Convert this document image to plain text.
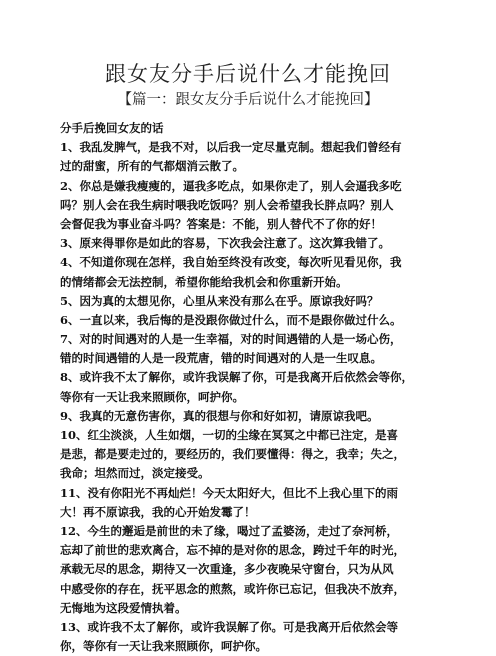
跟女友分手后说什么才能挽回
【篇一：跟女友分手后说什么才能挽回】
分手后挽回女友的话
1、我乱发脾气，是我不对，以后我一定尽量克制。想起我们曾经有
过的甜蜜，所有的气都烟消云散了。
2、你总是嫌我瘦瘦的，逼我多吃点，如果你走了，别人会逼我多吃
吗？别人会在我生病时喂我吃饭吗？别人会希望我长胖点吗？别人
会督促我为事业奋斗吗？答案是：不能，别人替代不了你的好！
3、原来得罪你是如此的容易，下次我会注意了。这次算我错了。
4、不知道你现在怎样，我自始至终没有改变，每次听见看见你，我
的情绪都会无法控制，希望你能给我机会和你重新开始。
5、因为真的太想见你，心里从来没有那么在乎。原谅我好吗？
6、一直以来，我后悔的是没跟你做过什么，而不是跟你做过什么。
7、对的时间遇对的人是一生幸福，对的时间遇错的人是一场心伤，
错的时间遇错的人是一段荒唐，错的时间遇对的人是一生叹息。
8、或许我不太了解你，或许我误解了你，可是我离开后依然会等你，
等你有一天让我来照顾你，呵护你。
9、我真的无意伤害你，真的很想与你和好如初，请原谅我吧。
10、红尘淡淡，人生如烟，一切的尘缘在冥冥之中都已注定，是喜
是悲，都是要走过的，要经历的，我们要懂得：得之，我幸；失之，
我命；坦然而过，淡定接受。
11、没有你阳光不再灿烂！今天太阳好大，但比不上我心里下的雨
大！再不原谅我，我的心开始发霉了！
12、今生的邂逅是前世的未了缘，喝过了孟婆汤，走过了奈河桥，
忘却了前世的悲欢离合，忘不掉的是对你的思念，跨过千年的时光，
承载无尽的思念，期待又一次重逢，多少夜晚呆守窗台，只为从风
中感受你的存在，抚平思念的煎熬，或许你已忘记，但我决不放弃，
无悔地为这段爱情执着。
13、或许我不太了解你，或许我误解了你。可是我离开后依然会等
你，等你有一天让我来照顾你，呵护你。
